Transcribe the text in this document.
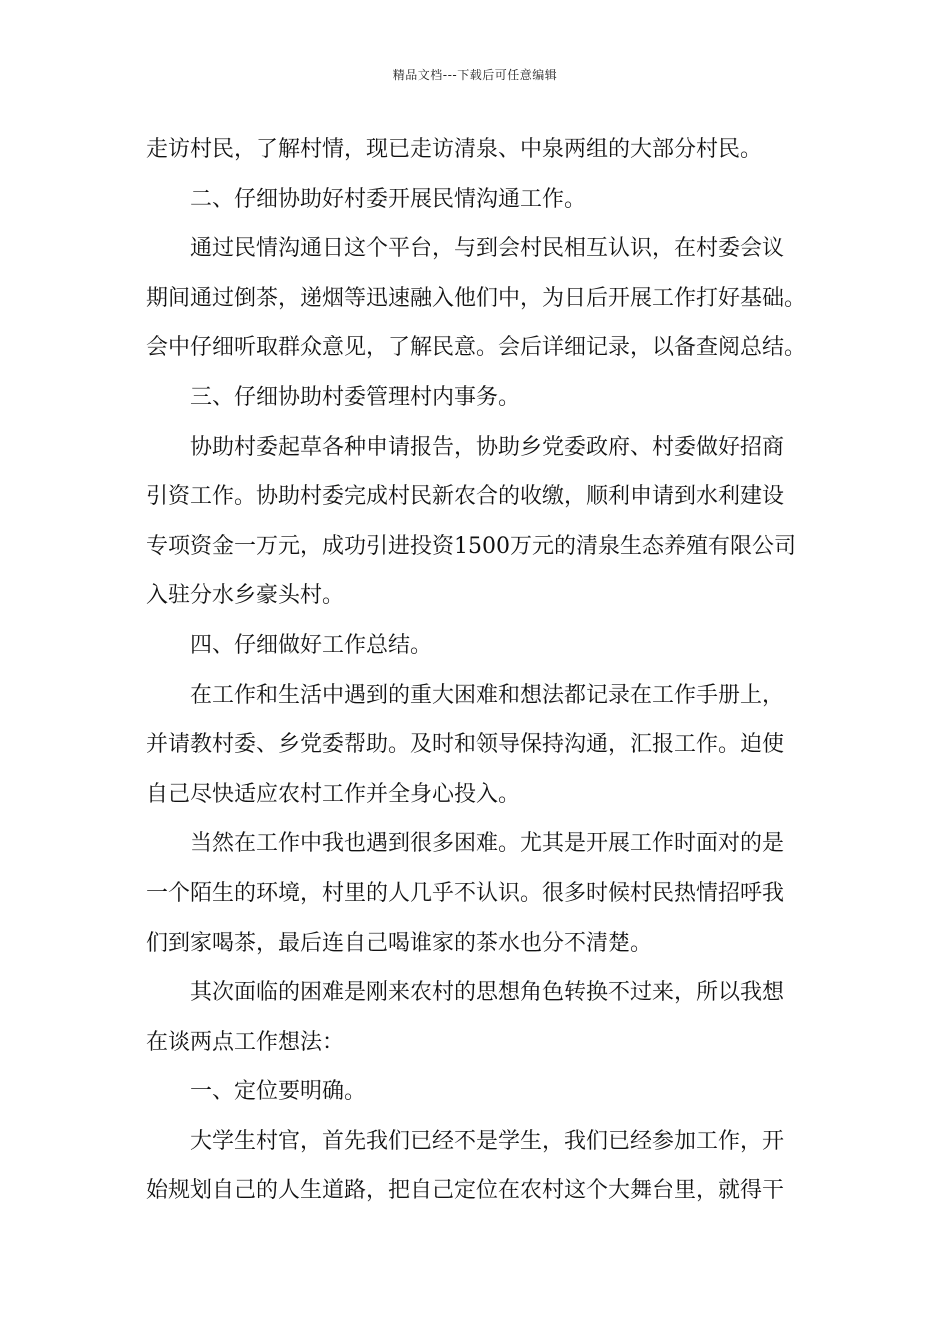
精品文档---下载后可任意编辑
走访村民，了解村情，现已走访清泉、中泉两组的大部分村民。
二、仔细协助好村委开展民情沟通工作。
通过民情沟通日这个平台，与到会村民相互认识，在村委会议
期间通过倒茶，递烟等迅速融入他们中，为日后开展工作打好基础。
会中仔细听取群众意见，了解民意。会后详细记录，以备查阅总结。
三、仔细协助村委管理村内事务。
协助村委起草各种申请报告，协助乡党委政府、村委做好招商
引资工作。协助村委完成村民新农合的收缴，顺利申请到水利建设
专项资金一万元，成功引进投资1500万元的清泉生态养殖有限公司
入驻分水乡豪头村。
四、仔细做好工作总结。
在工作和生活中遇到的重大困难和想法都记录在工作手册上，
并请教村委、乡党委帮助。及时和领导保持沟通，汇报工作。迫使
自己尽快适应农村工作并全身心投入。
当然在工作中我也遇到很多困难。尤其是开展工作时面对的是
一个陌生的环境，村里的人几乎不认识。很多时候村民热情招呼我
们到家喝茶，最后连自己喝谁家的茶水也分不清楚。
其次面临的困难是刚来农村的思想角色转换不过来，所以我想
在谈两点工作想法：
一、定位要明确。
大学生村官，首先我们已经不是学生，我们已经参加工作，开
始规划自己的人生道路，把自己定位在农村这个大舞台里，就得干
